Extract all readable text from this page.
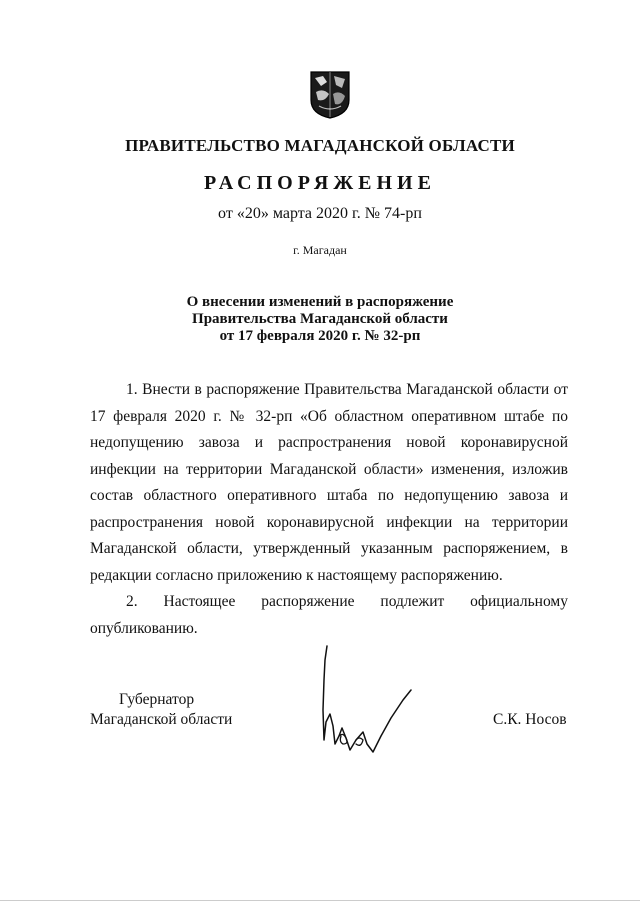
ПРАВИТЕЛЬСТВО МАГАДАНСКОЙ ОБЛАСТИ
РАСПОРЯЖЕНИЕ
от «20» марта 2020 г. № 74-рп
г. Магадан
О внесении изменений в распоряжение
Правительства Магаданской области
от 17 февраля 2020 г. № 32-рп

1. Внести в распоряжение Правительства Магаданской области от 17 февраля 2020 г. № 32-рп «Об областном оперативном штабе по недопущению завоза и распространения новой коронавирусной инфекции на территории Магаданской области» изменения, изложив состав областного оперативного штаба по недопущению завоза и распространения новой коронавирусной инфекции на территории Магаданской области, утвержденный указанным распоряжением, в редакции согласно приложению к настоящему распоряжению.

2. Настоящее распоряжение подлежит официальному опубликованию.

Губернатор
Магаданской области	С.К. Носов
